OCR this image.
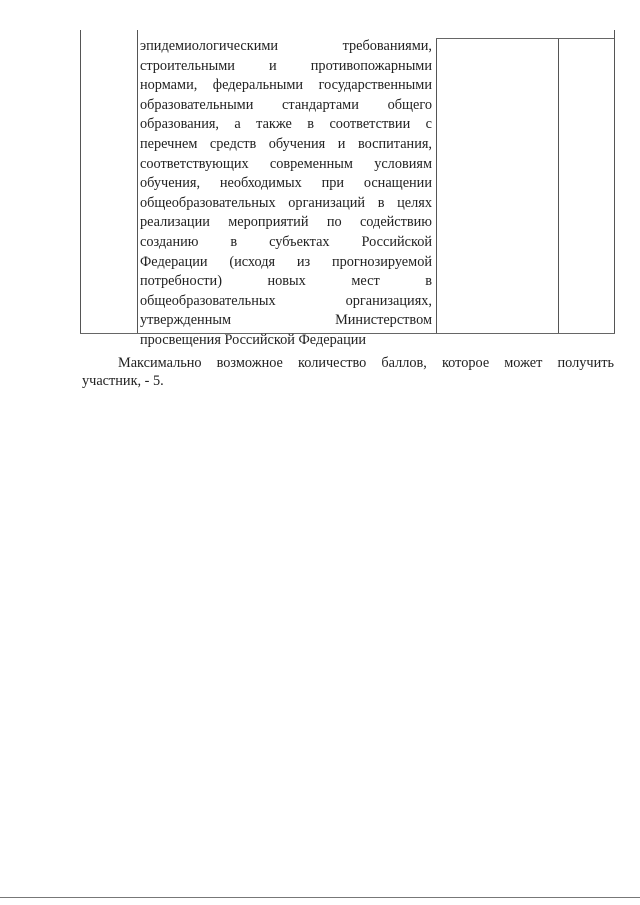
эпидемиологическими требованиями,
строительными и противопожарными
нормами, федеральными государственными
образовательными стандартами общего
образования, а также в соответствии с
перечнем средств обучения и воспитания,
соответствующих современным условиям
обучения, необходимых при оснащении
общеобразовательных организаций в целях
реализации мероприятий по содействию
созданию в субъектах Российской
Федерации (исходя из прогнозируемой
потребности) новых мест в
общеобразовательных организациях,
утвержденным Министерством
просвещения Российской Федерации
Максимально возможное количество баллов, которое может получить
участник, - 5.
